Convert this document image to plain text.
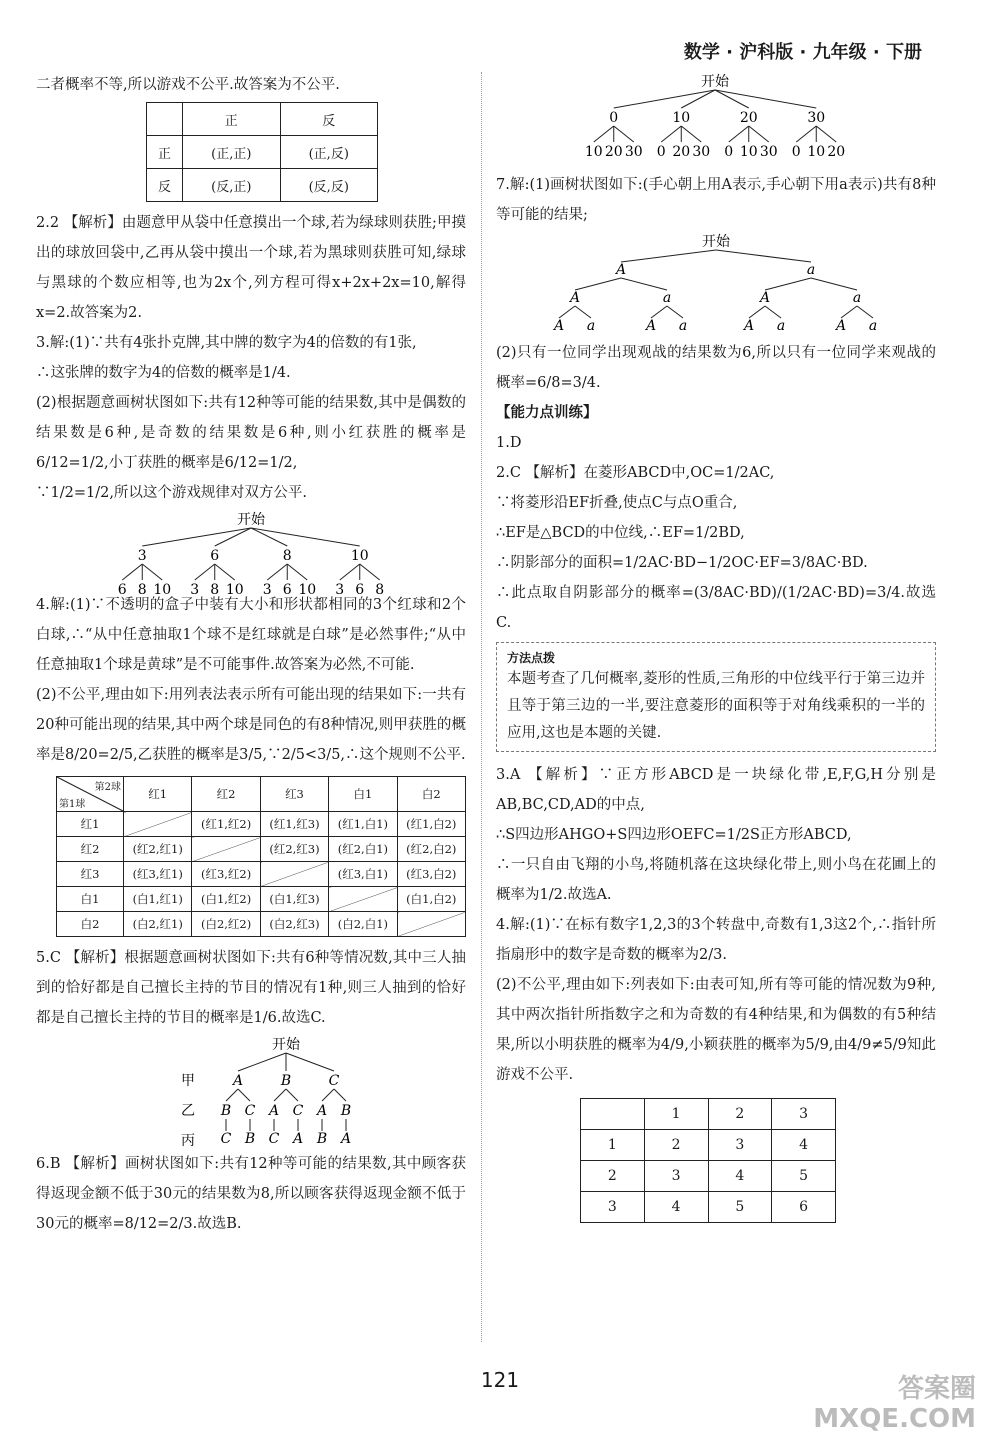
数学 · 沪科版 · 九年级 · 下册

二者概率不等,所以游戏不公平.故答案为不公平.

	正	反
正	(正,正)	(正,反)
反	(反,正)	(反,反)

2.2 【解析】由题意甲从袋中任意摸出一个球,若为绿球则获胜;甲摸出的球放回袋中,乙再从袋中摸出一个球,若为黑球则获胜可知,绿球与黑球的个数应相等,也为2x个,列方程可得x+2x+2x=10,解得x=2.故答案为2.

3.解:(1)∵共有4张扑克牌,其中牌的数字为4的倍数的有1张,

∴这张牌的数字为4的倍数的概率是1/4.

(2)根据题意画树状图如下:共有12种等可能的结果数,其中是偶数的结果数是6种,是奇数的结果数是6种,则小红获胜的概率是6/12=1/2,小丁获胜的概率是6/12=1/2,

∵1/2=1/2,所以这个游戏规律对双方公平.

开始
3
6 8 10
6
3 8 10
8
3 6 10
10
3 6 8

4.解:(1)∵不透明的盒子中装有大小和形状都相同的3个红球和2个白球,∴“从中任意抽取1个球不是红球就是白球”是必然事件;“从中任意抽取1个球是黄球”是不可能事件.故答案为必然,不可能.

(2)不公平,理由如下:用列表法表示所有可能出现的结果如下:一共有20种可能出现的结果,其中两个球是同色的有8种情况,则甲获胜的概率是8/20=2/5,乙获胜的概率是3/5,∵2/5<3/5,∴这个规则不公平.

第2球
第1球	红1	红2	红3	白1	白2
红1		(红1,红2)	(红1,红3)	(红1,白1)	(红1,白2)
红2	(红2,红1)		(红2,红3)	(红2,白1)	(红2,白2)
红3	(红3,红1)	(红3,红2)		(红3,白1)	(红3,白2)
白1	(白1,红1)	(白1,红2)	(白1,红3)		(白1,白2)
白2	(白2,红1)	(白2,红2)	(白2,红3)	(白2,白1)	

5.C 【解析】根据题意画树状图如下:共有6种等情况数,其中三人抽到的恰好都是自己擅长主持的节目的情况有1种,则三人抽到的恰好都是自己擅长主持的节目的概率是1/6.故选C.

开始
甲
乙
丙
A
B
C
C
B
B
A
C
C
A
C
A
B
B
A

6.B 【解析】画树状图如下:共有12种等可能的结果数,其中顾客获得返现金额不低于30元的结果数为8,所以顾客获得返现金额不低于30元的概率=8/12=2/3.故选B.

开始
0
10 20 30
10
0 20 30
20
0 10 30
30
0 10 20

7.解:(1)画树状图如下:(手心朝上用A表示,手心朝下用a表示)共有8种等可能的结果;

开始
A
A
A a
a
A a
a
A
A a
a
A a

(2)只有一位同学出现观战的结果数为6,所以只有一位同学来观战的概率=6/8=3/4.

【能力点训练】

1.D

2.C 【解析】在菱形ABCD中,OC=1/2AC,

∵将菱形沿EF折叠,使点C与点O重合,

∴EF是△BCD的中位线,∴EF=1/2BD,

∴阴影部分的面积=1/2AC·BD−1/2OC·EF=3/8AC·BD.

∴此点取自阴影部分的概率=(3/8AC·BD)/(1/2AC·BD)=3/4.故选C.

方法点拨

本题考查了几何概率,菱形的性质,三角形的中位线平行于第三边并且等于第三边的一半,要注意菱形的面积等于对角线乘积的一半的应用,这也是本题的关键.

3.A 【解析】∵正方形ABCD是一块绿化带,E,F,G,H分别是AB,BC,CD,AD的中点,

∴S四边形AHGO+S四边形OEFC=1/2S正方形ABCD,

∴一只自由飞翔的小鸟,将随机落在这块绿化带上,则小鸟在花圃上的概率为1/2.故选A.

4.解:(1)∵在标有数字1,2,3的3个转盘中,奇数有1,3这2个,∴指针所指扇形中的数字是奇数的概率为2/3.

(2)不公平,理由如下:列表如下:由表可知,所有等可能的情况数为9种,其中两次指针所指数字之和为奇数的有4种结果,和为偶数的有5种结果,所以小明获胜的概率为4/9,小颖获胜的概率为5/9,由4/9≠5/9知此游戏不公平.

	1	2	3
1	2	3	4
2	3	4	5
3	4	5	6
121	答案圈
MXQE.COM
